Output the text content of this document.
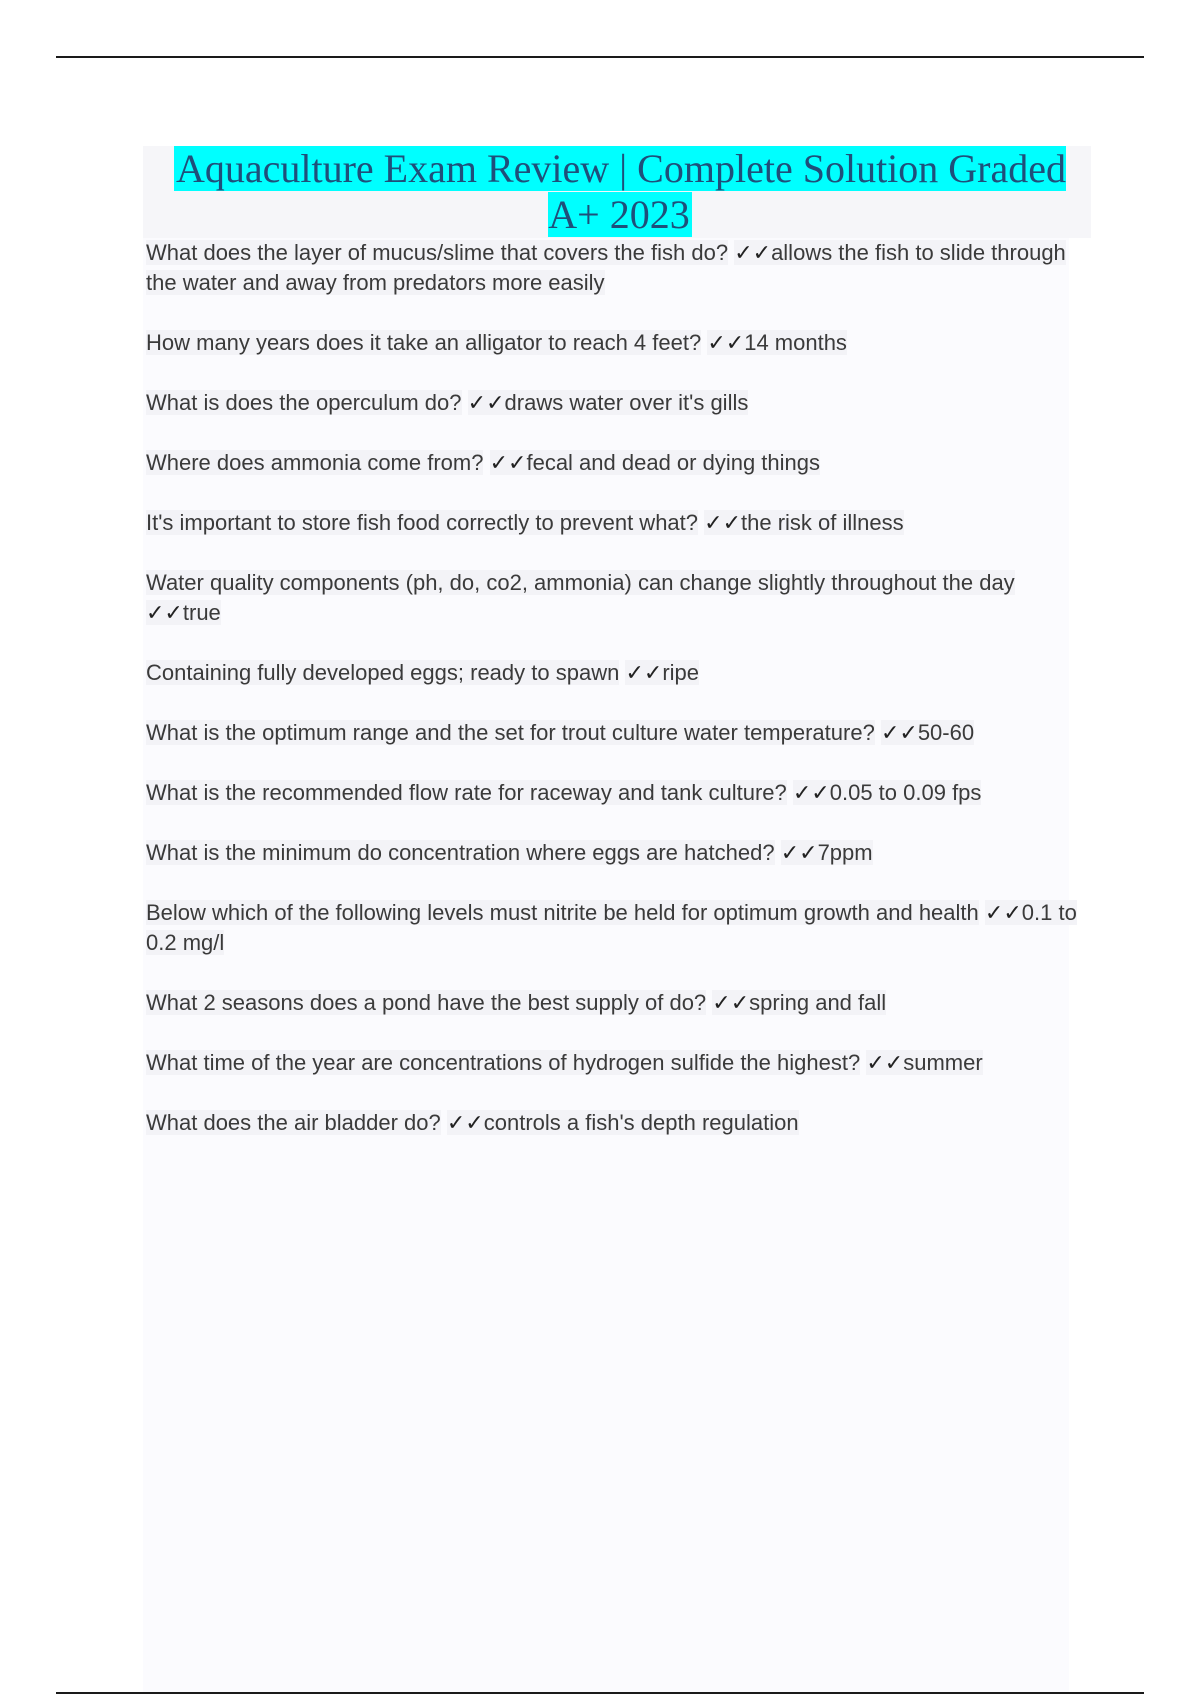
Aquaculture Exam Review | Complete Solution Graded A+ 2023
What does the layer of mucus/slime that covers the fish do? ✓✓allows the fish to slide through the water and away from predators more easily
How many years does it take an alligator to reach 4 feet? ✓✓14 months
What is does the operculum do? ✓✓draws water over it's gills
Where does ammonia come from? ✓✓fecal and dead or dying things
It's important to store fish food correctly to prevent what? ✓✓the risk of illness
Water quality components (ph, do, co2, ammonia) can change slightly throughout the day ✓✓true
Containing fully developed eggs; ready to spawn ✓✓ripe
What is the optimum range and the set for trout culture water temperature? ✓✓50-60
What is the recommended flow rate for raceway and tank culture? ✓✓0.05 to 0.09 fps
What is the minimum do concentration where eggs are hatched? ✓✓7ppm
Below which of the following levels must nitrite be held for optimum growth and health ✓✓0.1 to 0.2 mg/l
What 2 seasons does a pond have the best supply of do? ✓✓spring and fall
What time of the year are concentrations of hydrogen sulfide the highest? ✓✓summer
What does the air bladder do? ✓✓controls a fish's depth regulation
